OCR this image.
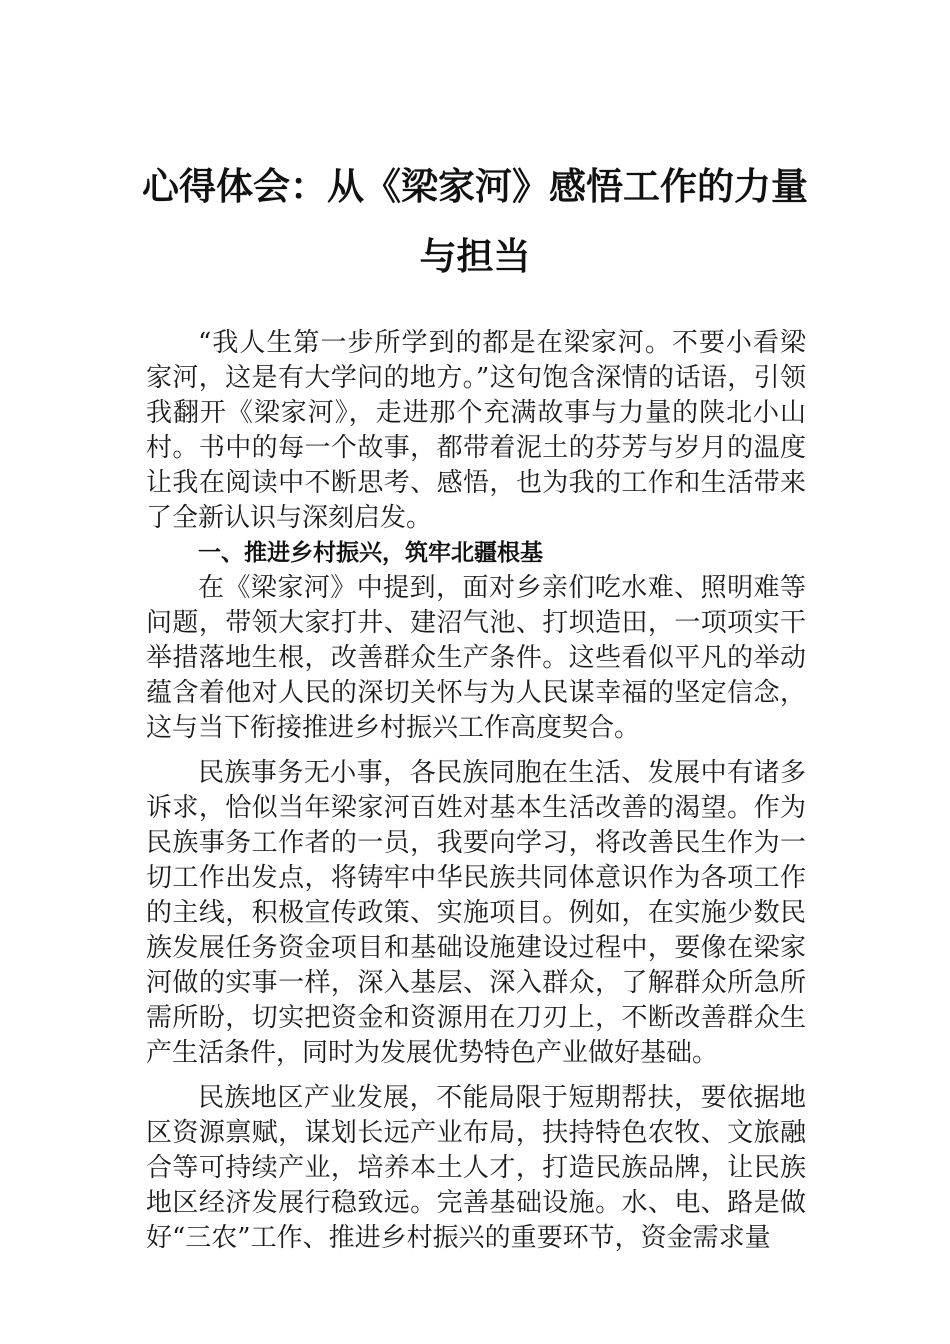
心得体会：从《梁家河》感悟工作的力量
与担当

“我人生第一步所学到的都是在梁家河。不要小看梁家河，这是有大学问的地方。”这句饱含深情的话语，引领我翻开《梁家河》，走进那个充满故事与力量的陕北小山村。书中的每一个故事，都带着泥土的芬芳与岁月的温度让我在阅读中不断思考、感悟，也为我的工作和生活带来了全新认识与深刻启发。

一、推进乡村振兴，筑牢北疆根基

在《梁家河》中提到，面对乡亲们吃水难、照明难等问题，带领大家打井、建沼气池、打坝造田，一项项实干举措落地生根，改善群众生产条件。这些看似平凡的举动蕴含着他对人民的深切关怀与为人民谋幸福的坚定信念，这与当下衔接推进乡村振兴工作高度契合。

民族事务无小事，各民族同胞在生活、发展中有诸多诉求，恰似当年梁家河百姓对基本生活改善的渴望。作为民族事务工作者的一员，我要向学习，将改善民生作为一切工作出发点，将铸牢中华民族共同体意识作为各项工作的主线，积极宣传政策、实施项目。例如，在实施少数民族发展任务资金项目和基础设施建设过程中，要像在梁家河做的实事一样，深入基层、深入群众，了解群众所急所需所盼，切实把资金和资源用在刀刃上，不断改善群众生产生活条件，同时为发展优势特色产业做好基础。

民族地区产业发展，不能局限于短期帮扶，要依据地区资源禀赋，谋划长远产业布局，扶持特色农牧、文旅融合等可持续产业，培养本土人才，打造民族品牌，让民族地区经济发展行稳致远。完善基础设施。水、电、路是做好“三农”工作、推进乡村振兴的重要环节，资金需求量
